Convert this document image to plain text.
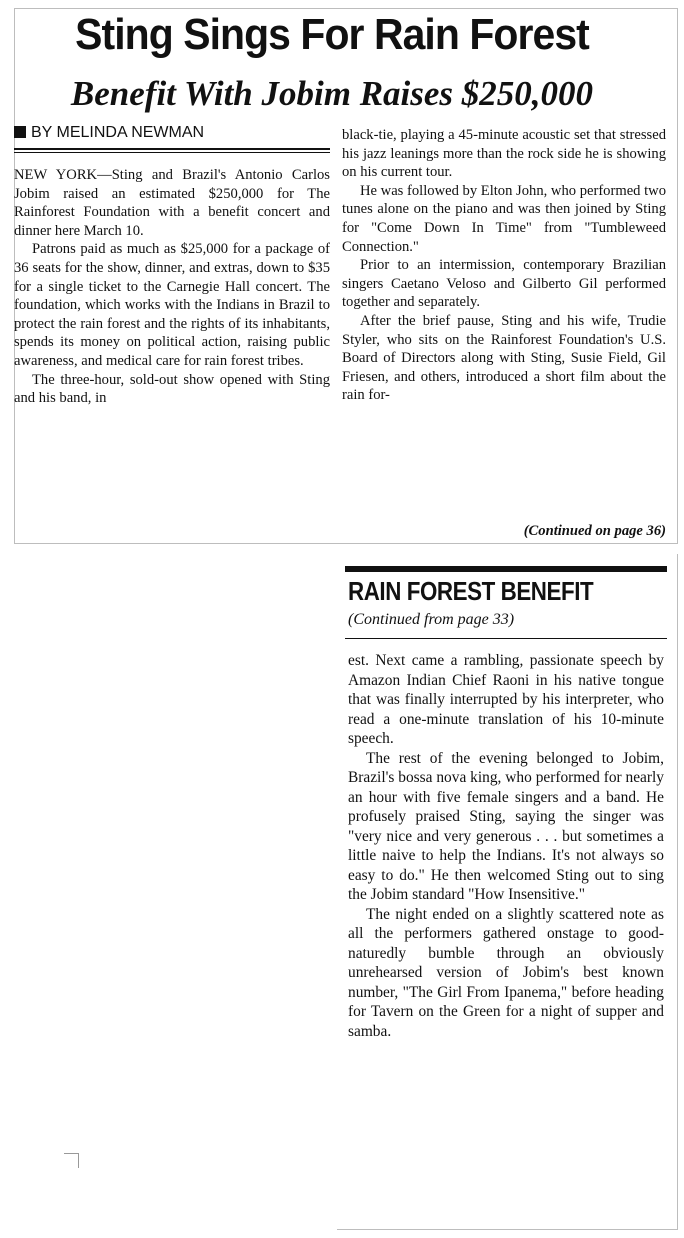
Sting Sings For Rain Forest
Benefit With Jobim Raises $250,000
BY MELINDA NEWMAN

NEW YORK—Sting and Brazil's Antonio Carlos Jobim raised an estimated $250,000 for The Rainforest Foundation with a benefit concert and dinner here March 10.

Patrons paid as much as $25,000 for a package of 36 seats for the show, dinner, and extras, down to $35 for a single ticket to the Carnegie Hall concert. The foundation, which works with the Indians in Brazil to protect the rain forest and the rights of its inhabitants, spends its money on political action, raising public awareness, and medical care for rain forest tribes.

The three-hour, sold-out show opened with Sting and his band, in

black-tie, playing a 45-minute acoustic set that stressed his jazz leanings more than the rock side he is showing on his current tour.

He was followed by Elton John, who performed two tunes alone on the piano and was then joined by Sting for "Come Down In Time" from "Tumbleweed Connection."

Prior to an intermission, contemporary Brazilian singers Caetano Veloso and Gilberto Gil performed together and separately.

After the brief pause, Sting and his wife, Trudie Styler, who sits on the Rainforest Foundation's U.S. Board of Directors along with Sting, Susie Field, Gil Friesen, and others, introduced a short film about the rain for-

(Continued on page 36)
RAIN FOREST BENEFIT
(Continued from page 33)

est. Next came a rambling, passionate speech by Amazon Indian Chief Raoni in his native tongue that was finally interrupted by his interpreter, who read a one-minute translation of his 10-minute speech.

The rest of the evening belonged to Jobim, Brazil's bossa nova king, who performed for nearly an hour with five female singers and a band. He profusely praised Sting, saying the singer was "very nice and very generous . . . but sometimes a little naive to help the Indians. It's not always so easy to do." He then welcomed Sting out to sing the Jobim standard "How Insensitive."

The night ended on a slightly scattered note as all the performers gathered onstage to good-naturedly bumble through an obviously unrehearsed version of Jobim's best known number, "The Girl From Ipanema," before heading for Tavern on the Green for a night of supper and samba.
